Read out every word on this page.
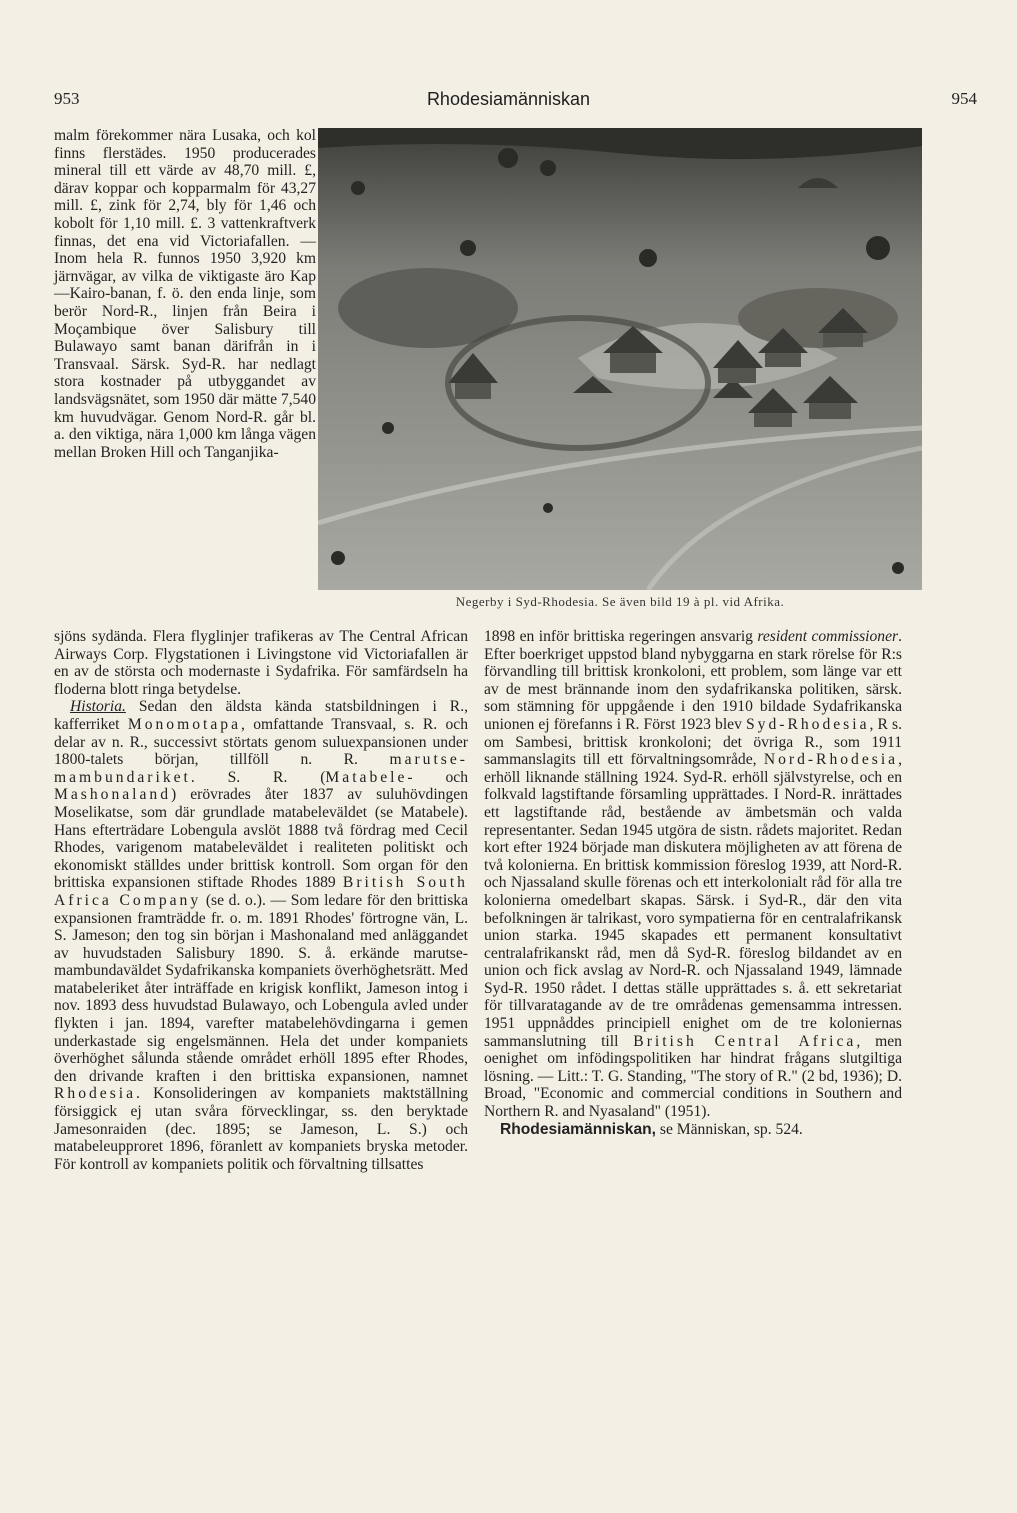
953	Rhodesiamänniskan	954
Negerby i Syd-Rhodesia. Se även bild 19 à pl. vid Afrika.

malm förekommer nära Lusaka, och kol finns flerstädes. 1950 producerades mineral till ett värde av 48,70 mill. £, därav koppar och kopparmalm för 43,27 mill. £, zink för 2,74, bly för 1,46 och kobolt för 1,10 mill. £. 3 vattenkraftverk finnas, det ena vid Victoriafallen. — Inom hela R. funnos 1950 3,920 km järnvägar, av vilka de viktigaste äro Kap—Kairo-banan, f. ö. den enda linje, som berör Nord-R., linjen från Beira i Moçambique över Salisbury till Bulawayo samt banan därifrån in i Transvaal. Särsk. Syd-R. har nedlagt stora kostnader på utbyggandet av landsvägsnätet, som 1950 där mätte 7,540 km huvudvägar. Genom Nord-R. går bl. a. den viktiga, nära 1,000 km långa vägen mellan Broken Hill och Tanganjika-

sjöns sydända. Flera flyglinjer trafikeras av The Central African Airways Corp. Flygstationen i Livingstone vid Victoriafallen är en av de största och modernaste i Sydafrika. För samfärdseln ha floderna blott ringa betydelse.

Historia. Sedan den äldsta kända statsbildningen i R., kafferriket Monomotapa, omfattande Transvaal, s. R. och delar av n. R., successivt störtats genom suluexpansionen under 1800-talets början, tillföll n. R. marutse-mambundariket. S. R. (Matabele- och Mashonaland) erövrades åter 1837 av suluhövdingen Moselikatse, som där grundlade matabeleväldet (se Matabele). Hans efterträdare Lobengula avslöt 1888 två fördrag med Cecil Rhodes, varigenom matabeleväldet i realiteten politiskt och ekonomiskt ställdes under brittisk kontroll. Som organ för den brittiska expansionen stiftade Rhodes 1889 British South Africa Company (se d. o.). — Som ledare för den brittiska expansionen framträdde fr. o. m. 1891 Rhodes' förtrogne vän, L. S. Jameson; den tog sin början i Mashonaland med anläggandet av huvudstaden Salisbury 1890. S. å. erkände marutse-mambundaväldet Sydafrikanska kompaniets överhöghetsrätt. Med matabeleriket åter inträffade en krigisk konflikt, Jameson intog i nov. 1893 dess huvudstad Bulawayo, och Lobengula avled under flykten i jan. 1894, varefter matabelehövdingarna i gemen underkastade sig engelsmännen. Hela det under kompaniets överhöghet sålunda stående området erhöll 1895 efter Rhodes, den drivande kraften i den brittiska expansionen, namnet Rhodesia. Konsolideringen av kompaniets maktställning försiggick ej utan svåra förvecklingar, ss. den beryktade Jamesonraiden (dec. 1895; se Jameson, L. S.) och matabeleupproret 1896, föranlett av kompaniets bryska metoder. För kontroll av kompaniets politik och förvaltning tillsattes

1898 en inför brittiska regeringen ansvarig resident commissioner. Efter boerkriget uppstod bland nybyggarna en stark rörelse för R:s förvandling till brittisk kronkoloni, ett problem, som länge var ett av de mest brännande inom den sydafrikanska politiken, särsk. som stämning för uppgående i den 1910 bildade Sydafrikanska unionen ej förefanns i R. Först 1923 blev Syd-Rhodesia, R s. om Sambesi, brittisk kronkoloni; det övriga R., som 1911 sammanslagits till ett förvaltningsområde, Nord-Rhodesia, erhöll liknande ställning 1924. Syd-R. erhöll självstyrelse, och en folkvald lagstiftande församling upprättades. I Nord-R. inrättades ett lagstiftande råd, bestående av ämbetsmän och valda representanter. Sedan 1945 utgöra de sistn. rådets majoritet. Redan kort efter 1924 började man diskutera möjligheten av att förena de två kolonierna. En brittisk kommission föreslog 1939, att Nord-R. och Njassaland skulle förenas och ett interkolonialt råd för alla tre kolonierna omedelbart skapas. Särsk. i Syd-R., där den vita befolkningen är talrikast, voro sympatierna för en centralafrikansk union starka. 1945 skapades ett permanent konsultativt centralafrikanskt råd, men då Syd-R. föreslog bildandet av en union och fick avslag av Nord-R. och Njassaland 1949, lämnade Syd-R. 1950 rådet. I dettas ställe upprättades s. å. ett sekretariat för tillvaratagande av de tre områdenas gemensamma intressen. 1951 uppnåddes principiell enighet om de tre koloniernas sammanslutning till British Central Africa, men oenighet om infödingspolitiken har hindrat frågans slutgiltiga lösning. — Litt.: T. G. Standing, "The story of R." (2 bd, 1936); D. Broad, "Economic and commercial conditions in Southern and Northern R. and Nyasaland" (1951).

Rhodesiamänniskan, se Människan, sp. 524.
